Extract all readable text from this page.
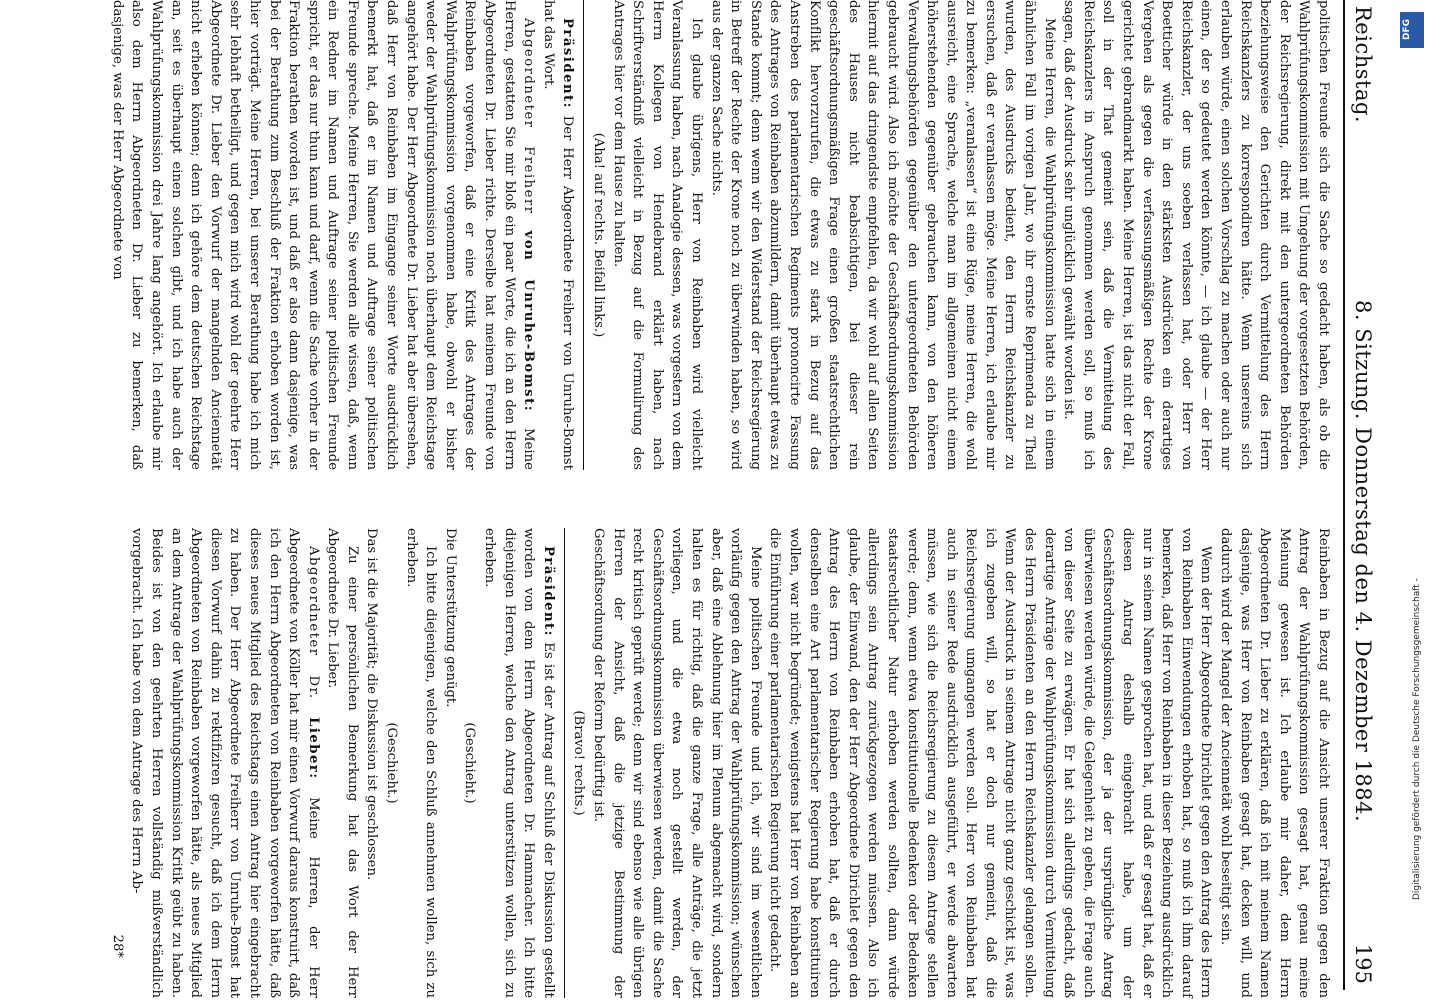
Reichstag.
8. Sitzung. Donnerstag den 4. Dezember 1884.
195

politischen Freunde sich die Sache so gedacht haben, als ob die Wahlprüfungskommission mit Umgehung der vorgesetzten Behörden, der Reichsregierung, direkt mit den untergeordneten Behörden beziehungsweise den Gerichten durch Vermittelung des Herrn Reichskanzlers zu korrespondiren hätte. Wenn unsereins sich erlauben würde, einen solchen Vorschlag zu machen oder auch nur einen, der so gedeutet werden könnte, — ich glaube — der Herr Reichskanzler, der uns soeben verlassen hat, oder Herr von Boetticher würde in den stärksten Ausdrücken ein derartiges Vergehen als gegen die verfassungsmäßigen Rechte der Krone gerichtet gebrandmarkt haben. Meine Herren, ist das nicht der Fall, soll in der That gemeint sein, daß die Vermittelung des Reichskanzlers in Anspruch genommen werden soll, so muß ich sagen, daß der Ausdruck sehr unglücklich gewählt worden ist.

Meine Herren, die Wahlprüfungskommission hatte sich in einem ähnlichen Fall im vorigen Jahr, wo ihr ernste Reprimenda zu Theil wurden, des Ausdrucks bedient, den Herrn Reichskanzler zu ersuchen, daß er veranlassen möge. Meine Herren, ich erlaube mir zu bemerken: „veranlassen“ ist eine Rüge, meine Herren, die wohl ausreicht, eine Sprache, welche man im allgemeinen nicht einem höherstehenden gegenüber gebrauchen kann, von den höheren Verwaltungsbehörden gegenüber den untergeordneten Behörden gebraucht wird. Also ich möchte der Geschäftsordnungskommission hiermit auf das dringendste empfehlen, da wir wohl auf allen Seiten des Hauses nicht beabsichtigen, bei dieser rein geschäftsordnungsmäßigen Frage einen großen staatsrechtlichen Konflikt hervorzurufen, die etwas zu stark in Bezug auf das Anstreben des parlamentarischen Regiments prononcirte Fassung des Antrages von Reinbaben abzumildern, damit überhaupt etwas zu Stande kommt; denn wenn wir den Widerstand der Reichsregierung in Betreff der Rechte der Krone noch zu überwinden haben, so wird aus der ganzen Sache nichts.

Ich glaube übrigens, Herr von Reinbaben wird vielleicht Veranlassung haben, nach Analogie dessen, was vorgestern von dem Herrn Kollegen von Hendebrand erklärt haben, nach Schriftverständniß vielleicht in Bezug auf die Formulirung des Antrages hier vor dem Hause zu halten.

(Aha! auf rechts. Beifall links.)

Präsident: Der Herr Abgeordnete Freiherr von Unruhe-Bomst hat das Wort.

Abgeordneter Freiherr von Unruhe-Bomst: Meine Herren, gestatten Sie mir bloß ein paar Worte, die ich an den Herrn Abgeordneten Dr. Lieber richte. Derselbe hat meinem Freunde von Reinbaben vorgeworfen, daß er eine Kritik des Antrages der Wahlprüfungskommission vorgenommen habe, obwohl er bisher weder der Wahlprüfungskommission noch überhaupt dem Reichstage angehört habe. Der Herr Abgeordnete Dr. Lieber hat aber übersehen, daß Herr von Reinbaben im Eingange seiner Worte ausdrücklich bemerkt hat, daß er im Namen und Auftrage seiner politischen Freunde spreche. Meine Herren, Sie werden alle wissen, daß, wenn ein Redner im Namen und Auftrage seiner politischen Freunde spricht, er das nur thun kann und darf, wenn die Sache vorher in der Fraktion berathen worden ist, und daß er also dann dasjenige, was bei der Berathung zum Beschluß der Fraktion erhoben worden ist, hier vorträgt. Meine Herren, bei unserer Berathung habe ich mich sehr lebhaft betheiligt, und gegen mich wird wohl der geehrte Herr Abgeordnete Dr. Lieber den Vorwurf der mangelnden Anciennetät nicht erheben können; denn ich gehöre dem deutschen Reichstage an, seit es überhaupt einen solchen gibt, und ich habe auch der Wahlprüfungskommission drei Jahre lang angehört. Ich erlaube mir also dem Herrn Abgeordneten Dr. Lieber zu bemerken, daß dasjenige, was der Herr Abgeordnete von

Reinbaben in Bezug auf die Ansicht unserer Fraktion gegen den Antrag der Wahlprüfungskommission gesagt hat, genau meine Meinung gewesen ist. Ich erlaube mir daher, dem Herrn Abgeordneten Dr. Lieber zu erklären, daß ich mit meinem Namen dasjenige, was Herr von Reinbaben gesagt hat, decken will, und dadurch wird der Mangel der Anciennetät wohl beseitigt sein.

Wenn der Herr Abgeordnete Dirichlet gegen den Antrag des Herrn von Reinbaben Einwendungen erhoben hat, so muß ich ihm darauf bemerken, daß Herr von Reinbaben in dieser Beziehung ausdrücklich nur in seinem Namen gesprochen hat, und daß er gesagt hat, daß er diesen Antrag deshalb eingebracht habe, um der Geschäftsordnungskommission, der ja der ursprüngliche Antrag überwiesen werden würde, die Gelegenheit zu geben, die Frage auch von dieser Seite zu erwägen. Er hat sich allerdings gedacht, daß derartige Anträge der Wahlprüfungskommission durch Vermittelung des Herrn Präsidenten an den Herrn Reichskanzler gelangen sollen. Wenn der Ausdruck in seinem Antrage nicht ganz geschickt ist, was ich zugeben will, so hat er doch nur gemeint, daß die Reichsregierung umgangen werden soll. Herr von Reinbaben hat auch in seiner Rede ausdrücklich ausgeführt, er werde abwarten müssen, wie sich die Reichsregierung zu diesem Antrage stellen werde; denn, wenn etwa konstitutionelle Bedenken oder Bedenken staatsrechtlicher Natur erhoben werden sollten, dann würde allerdings sein Antrag zurückgezogen werden müssen. Also ich glaube, der Einwand, den der Herr Abgeordnete Dirichlet gegen den Antrag des Herrn von Reinbaben erhoben hat, daß er durch denselben eine Art parlamentarischer Regierung habe konstituiren wollen, war nicht begründet; wenigstens hat Herr von Reinbaben an die Einführung einer parlamentarischen Regierung nicht gedacht.

Meine politischen Freunde und ich, wir sind im wesentlichen vorläufig gegen den Antrag der Wahlprüfungskommission; wünschen aber, daß eine Ablehnung hier im Plenum abgemacht wird, sondern halten es für richtig, daß die ganze Frage, alle Anträge, die jetzt vorliegen, und die etwa noch gestellt werden, der Geschäftsordnungskommission überwiesen werden, damit die Sache recht kritisch geprüft werde; denn wir sind ebenso wie alle übrigen Herren der Ansicht, daß die jetzige Bestimmung der Geschäftsordnung der Reform bedürftig ist.

(Bravo! rechts.)

Präsident: Es ist der Antrag auf Schluß der Diskussion gestellt worden von dem Herrn Abgeordneten Dr. Hammacher. Ich bitte diejenigen Herren, welche den Antrag unterstützen wollen, sich zu erheben.

(Geschieht.)

Die Unterstützung genügt.

Ich bitte diejenigen, welche den Schluß annehmen wollen, sich zu erheben.

(Geschieht.)

Das ist die Majorität; die Diskussion ist geschlossen.

Zu einer persönlichen Bemerkung hat das Wort der Herr Abgeordnete Dr. Lieber.

Abgeordneter Dr. Lieber: Meine Herren, der Herr Abgeordnete von Köller hat mir einen Vorwurf daraus konstruirt, daß ich den Herrn Abgeordneten von Reinbaben vorgeworfen hätte, daß dieses neues Mitglied des Reichstags einen Antrag hier eingebracht zu haben. Der Herr Abgeordnete Freiherr von Unruhe-Bomst hat diesen Vorwurf dahin zu rektifiziren gesucht, daß ich dem Herrn Abgeordneten von Reinbaben vorgeworfen hätte, als neues Mitglied an dem Antrage der Wahlprüfungskommission Kritik geübt zu haben. Beides ist von den geehrten Herren vollständig mißverständlich vorgebracht. Ich habe von dem Antrage des Herrn Ab-

28*

Digitalisierung gefördert durch die Deutsche Forschungsgemeinschaft -
DFG
